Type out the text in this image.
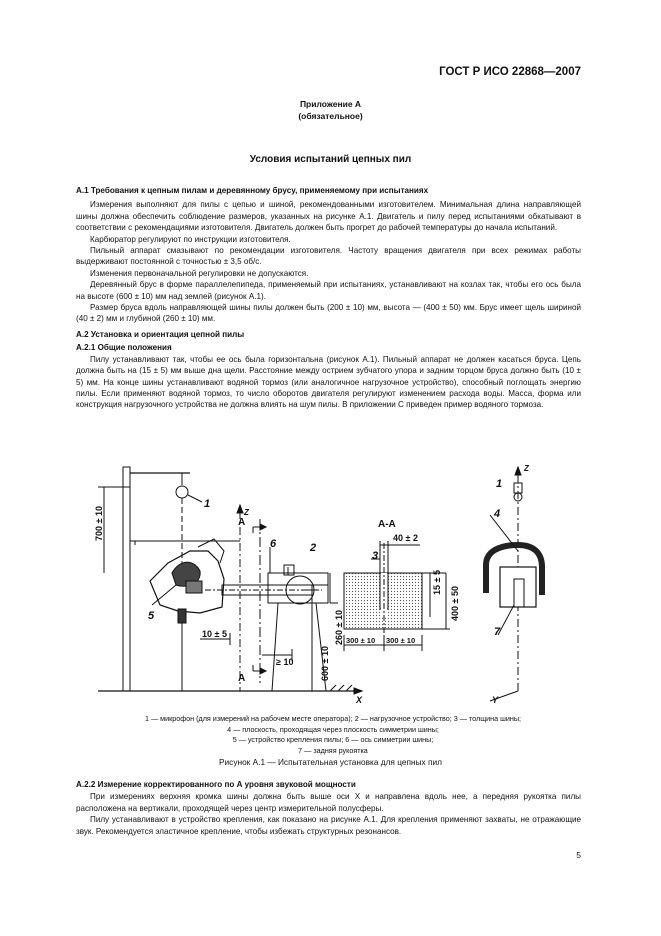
ГОСТ Р ИСО 22868—2007
Приложение А
(обязательное)
Условия испытаний цепных пил
А.1 Требования к цепным пилам и деревянному брусу, применяемому при испытаниях

Измерения выполняют для пилы с цепью и шиной, рекомендованными изготовителем. Минимальная длина направляющей шины должна обеспечить соблюдение размеров, указанных на рисунке А.1. Двигатель и пилу перед испытаниями обкатывают в соответствии с рекомендациями изготовителя. Двигатель должен быть прогрет до рабочей температуры до начала испытаний.

Карбюратор регулируют по инструкции изготовителя.

Пильный аппарат смазывают по рекомендации изготовителя. Частоту вращения двигателя при всех режимах работы выдерживают постоянной с точностью ± 3,5 об/с.

Изменения первоначальной регулировки не допускаются.

Деревянный брус в форме параллелепипеда, применяемый при испытаниях, устанавливают на козлах так, чтобы его ось была на высоте (600 ± 10) мм над землей (рисунок А.1).

Размер бруса вдоль направляющей шины пилы должен быть (200 ± 10) мм, высота — (400 ± 50) мм. Брус имеет щель шириной (40 ± 2) мм и глубиной (260 ± 10) мм.

А.2 Установка и ориентация цепной пилы
А.2.1 Общие положения

Пилу устанавливают так, чтобы ее ось была горизонтальна (рисунок А.1). Пильный аппарат не должен касаться бруса. Цепь должна быть на (15 ± 5) мм выше дна щели. Расстояние между острием зубчатого упора и задним торцом бруса должно быть (10 ± 5) мм. На конце шины устанавливают водяной тормоз (или аналогичное нагрузочное устройство), способный поглощать энергию пилы. Если применяют водяной тормоз, то число оборотов двигателя регулируют изменением расхода воды. Масса, форма или конструкция нагрузочного устройства не должна влиять на шум пилы. В приложении С приведен пример водяного тормоза.

700 ± 10
600 ± 10
260 ± 10
10 ± 5
≥ 10
40 ± 2
15 ± 5
400 ± 50
300 ± 10 300 ± 10
А-А
А
А
Z
Z
X	Y
1
1
2
3
4
5
6
7
1 — микрофон (для измерений на рабочем месте оператора); 2 — нагрузочное устройство; 3 — толщина шины; 4 — плоскость, проходящая через плоскость симметрии шины;
5 — устройство крепления пилы; 6 — ось симметрии шины;
7 — задняя рукоятка
Рисунок А.1 — Испытательная установка для цепных пил
А.2.2 Измерение корректированного по А уровня звуковой мощности

При измерениях верхняя кромка шины должна быть выше оси X и направлена вдоль нее, а передняя рукоятка пилы расположена на вертикали, проходящей через центр измерительной полусферы.

Пилу устанавливают в устройство крепления, как показано на рисунке А.1. Для крепления применяют захваты, не отражающие звук. Рекомендуется эластичное крепление, чтобы избежать структурных резонансов.

5
